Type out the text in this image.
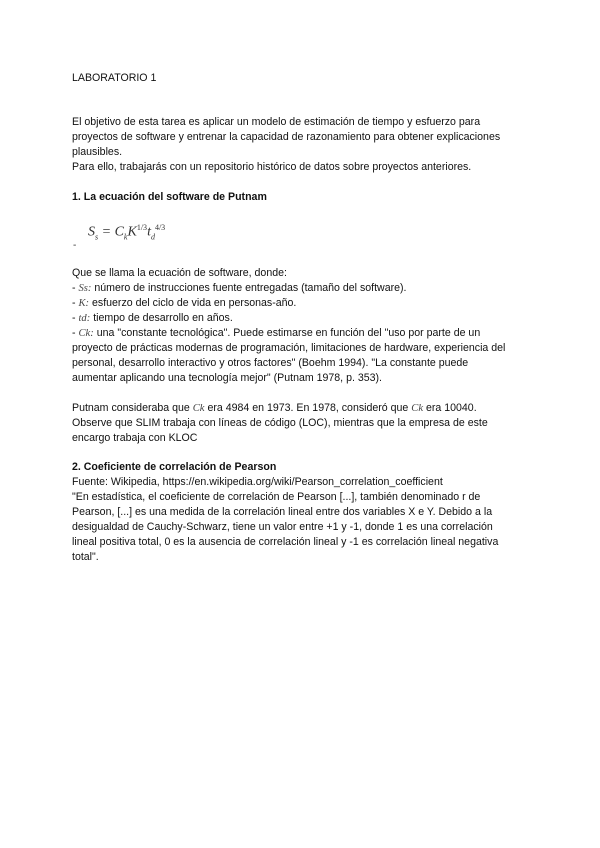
LABORATORIO 1
El objetivo de esta tarea es aplicar un modelo de estimación de tiempo y esfuerzo para
proyectos de software y entrenar la capacidad de razonamiento para obtener explicaciones
plausibles.
Para ello, trabajarás con un repositorio histórico de datos sobre proyectos anteriores.
1. La ecuación del software de Putnam
$S_s = C_kK^{1/3}t_d^{4/3}$
-
Que se llama la ecuación de software, donde:
- Ss: número de instrucciones fuente entregadas (tamaño del software).
- K: esfuerzo del ciclo de vida en personas-año.
- td: tiempo de desarrollo en años.
- Ck: una "constante tecnológica". Puede estimarse en función del "uso por parte de un
proyecto de prácticas modernas de programación, limitaciones de hardware, experiencia del
personal, desarrollo interactivo y otros factores" (Boehm 1994). "La constante puede
aumentar aplicando una tecnología mejor" (Putnam 1978, p. 353).
Putnam consideraba que Ck era 4984 en 1973. En 1978, consideró que Ck era 10040.
Observe que SLIM trabaja con líneas de código (LOC), mientras que la empresa de este
encargo trabaja con KLOC
2. Coeficiente de correlación de Pearson
Fuente: Wikipedia, https://en.wikipedia.org/wiki/Pearson_correlation_coefficient
"En estadística, el coeficiente de correlación de Pearson [...], también denominado r de
Pearson, [...] es una medida de la correlación lineal entre dos variables X e Y. Debido a la
desigualdad de Cauchy-Schwarz, tiene un valor entre +1 y -1, donde 1 es una correlación
lineal positiva total, 0 es la ausencia de correlación lineal y -1 es correlación lineal negativa
total".
